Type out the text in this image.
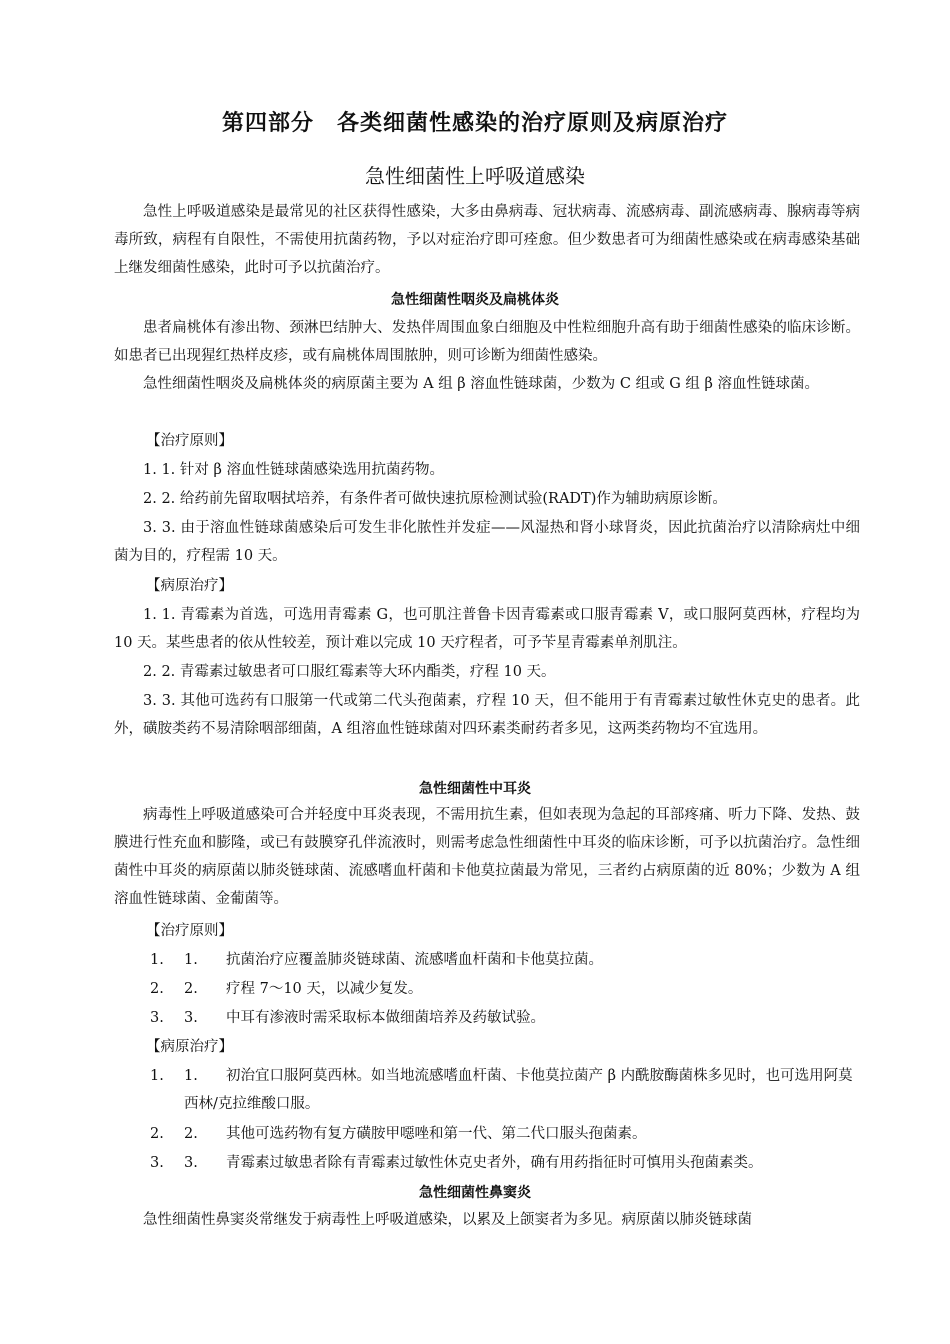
第四部分　各类细菌性感染的治疗原则及病原治疗
急性细菌性上呼吸道感染
急性上呼吸道感染是最常见的社区获得性感染，大多由鼻病毒、冠状病毒、流感病毒、副流感病毒、腺病毒等病毒所致，病程有自限性，不需使用抗菌药物，予以对症治疗即可痊愈。但少数患者可为细菌性感染或在病毒感染基础上继发细菌性感染，此时可予以抗菌治疗。
急性细菌性咽炎及扁桃体炎
患者扁桃体有渗出物、颈淋巴结肿大、发热伴周围血象白细胞及中性粒细胞升高有助于细菌性感染的临床诊断。如患者已出现猩红热样皮疹，或有扁桃体周围脓肿，则可诊断为细菌性感染。
急性细菌性咽炎及扁桃体炎的病原菌主要为 A 组 β 溶血性链球菌，少数为 C 组或 G 组 β 溶血性链球菌。
【治疗原则】
1. 1. 针对 β 溶血性链球菌感染选用抗菌药物。
2. 2. 给药前先留取咽拭培养，有条件者可做快速抗原检测试验(RADT)作为辅助病原诊断。
3. 3. 由于溶血性链球菌感染后可发生非化脓性并发症——风湿热和肾小球肾炎，因此抗菌治疗以清除病灶中细菌为目的，疗程需 10 天。
【病原治疗】
1. 1. 青霉素为首选，可选用青霉素 G，也可肌注普鲁卡因青霉素或口服青霉素 V，或口服阿莫西林，疗程均为 10 天。某些患者的依从性较差，预计难以完成 10 天疗程者，可予苄星青霉素单剂肌注。
2. 2. 青霉素过敏患者可口服红霉素等大环内酯类，疗程 10 天。
3. 3. 其他可选药有口服第一代或第二代头孢菌素，疗程 10 天，但不能用于有青霉素过敏性休克史的患者。此外，磺胺类药不易清除咽部细菌，A 组溶血性链球菌对四环素类耐药者多见，这两类药物均不宜选用。
急性细菌性中耳炎
病毒性上呼吸道感染可合并轻度中耳炎表现，不需用抗生素，但如表现为急起的耳部疼痛、听力下降、发热、鼓膜进行性充血和膨隆，或已有鼓膜穿孔伴流液时，则需考虑急性细菌性中耳炎的临床诊断，可予以抗菌治疗。急性细菌性中耳炎的病原菌以肺炎链球菌、流感嗜血杆菌和卡他莫拉菌最为常见，三者约占病原菌的近 80%；少数为 A 组溶血性链球菌、金葡菌等。
【治疗原则】
1. 1. 抗菌治疗应覆盖肺炎链球菌、流感嗜血杆菌和卡他莫拉菌。
2. 2. 疗程 7～10 天，以减少复发。
3. 3. 中耳有渗液时需采取标本做细菌培养及药敏试验。
【病原治疗】
1. 1.	初治宜口服阿莫西林。如当地流感嗜血杆菌、卡他莫拉菌产 β 内酰胺酶菌株多见时，也可选用阿莫西林/克拉维酸口服。
2. 2. 其他可选药物有复方磺胺甲噁唑和第一代、第二代口服头孢菌素。
3. 3. 青霉素过敏患者除有青霉素过敏性休克史者外，确有用药指征时可慎用头孢菌素类。
急性细菌性鼻窦炎
急性细菌性鼻窦炎常继发于病毒性上呼吸道感染，以累及上颌窦者为多见。病原菌以肺炎链球菌
